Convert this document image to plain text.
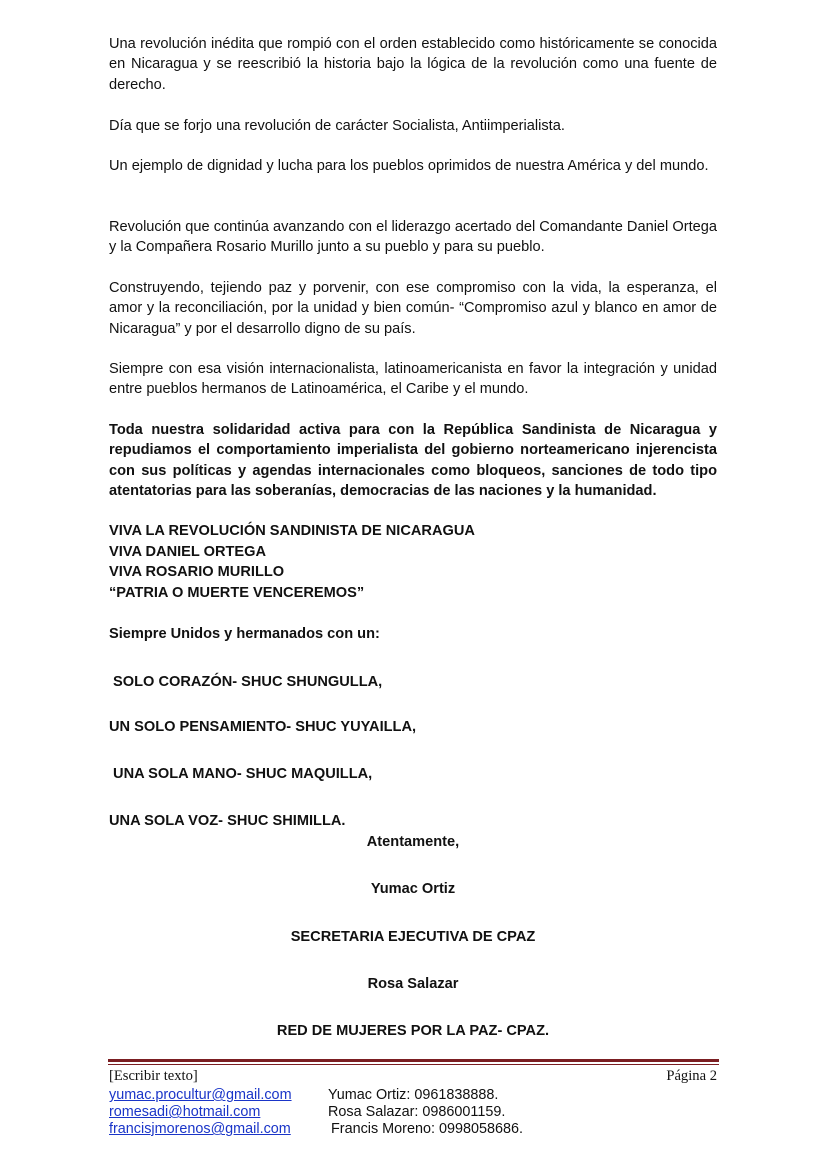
Una revolución inédita que rompió con el orden establecido como históricamente se conocida en Nicaragua y se reescribió la historia bajo la lógica de la revolución como una fuente de derecho.
Día que se forjo una revolución de carácter Socialista, Antiimperialista.
Un ejemplo de dignidad y lucha para los pueblos oprimidos de nuestra América y del mundo.
Revolución que continúa avanzando con el liderazgo acertado del Comandante Daniel Ortega y la Compañera Rosario Murillo junto a su pueblo y para su pueblo.
Construyendo, tejiendo paz y porvenir, con ese compromiso con la vida, la esperanza, el amor y la reconciliación, por la unidad y bien común- “Compromiso azul y blanco en amor de Nicaragua” y por el desarrollo digno de su país.
Siempre con esa visión internacionalista, latinoamericanista en favor la integración y unidad entre pueblos hermanos de Latinoamérica, el Caribe y el mundo.
Toda nuestra solidaridad activa para con la República Sandinista de Nicaragua y repudiamos el comportamiento imperialista del gobierno norteamericano injerencista con sus políticas y agendas internacionales como bloqueos, sanciones de todo tipo atentatorias para las soberanías, democracias de las naciones y la humanidad.
VIVA LA REVOLUCIÓN SANDINISTA DE NICARAGUA
VIVA DANIEL ORTEGA
VIVA ROSARIO MURILLO
“PATRIA O MUERTE VENCEREMOS”
Siempre Unidos y hermanados con un:
SOLO CORAZÓN- SHUC SHUNGULLA,
UN SOLO PENSAMIENTO- SHUC YUYAILLA,
UNA SOLA MANO- SHUC MAQUILLA,
UNA SOLA VOZ- SHUC SHIMILLA.
Atentamente,
Yumac Ortiz
SECRETARIA EJECUTIVA DE CPAZ
Rosa Salazar
RED DE MUJERES POR LA PAZ- CPAZ.
[Escribir texto]	Página 2
yumac.procultur@gmail.com
romesadi@hotmail.com
francisjmorenos@gmail.com
Yumac Ortiz: 0961838888.
Rosa Salazar: 0986001159.
Francis Moreno: 0998058686.
